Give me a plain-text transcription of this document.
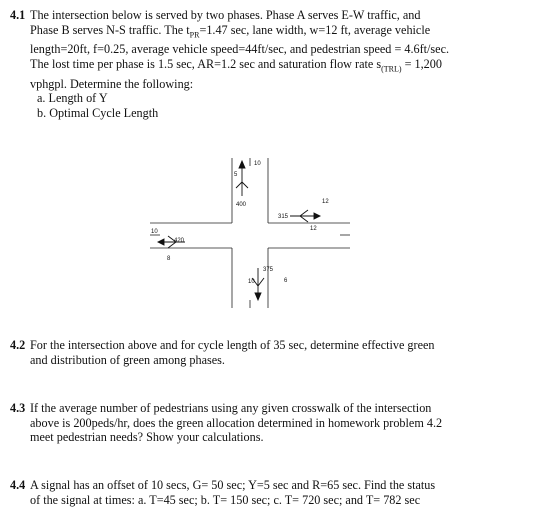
4.1 The intersection below is served by two phases. Phase A serves E-W traffic, and
Phase B serves N-S traffic. The $t_{PR}=1.47$ sec, lane width, w=12 ft, average vehicle
length=20ft, f=0.25, average vehicle speed=44ft/sec, and pedestrian speed = 4.6ft/sec.
The lost time per phase is 1.5 sec, AR=1.2 sec and saturation flow rate $s_{(TRL)} = 1,200$
vphgpl. Determine the following:
a. Length of Y
b. Optimal Cycle Length
5
10
400	12
315
12
10
420
8
375
10	6
4.2 For the intersection above and for cycle length of 35 sec, determine effective green
and distribution of green among phases.
4.3 If the average number of pedestrians using any given crosswalk of the intersection
above is 200peds/hr, does the green allocation determined in homework problem 4.2
meet pedestrian needs? Show your calculations.
4.4 A signal has an offset of 10 secs, G= 50 sec; Y=5 sec and R=65 sec. Find the status
of the signal at times: a. T=45 sec; b. T= 150 sec; c. T= 720 sec; and T= 782 sec
